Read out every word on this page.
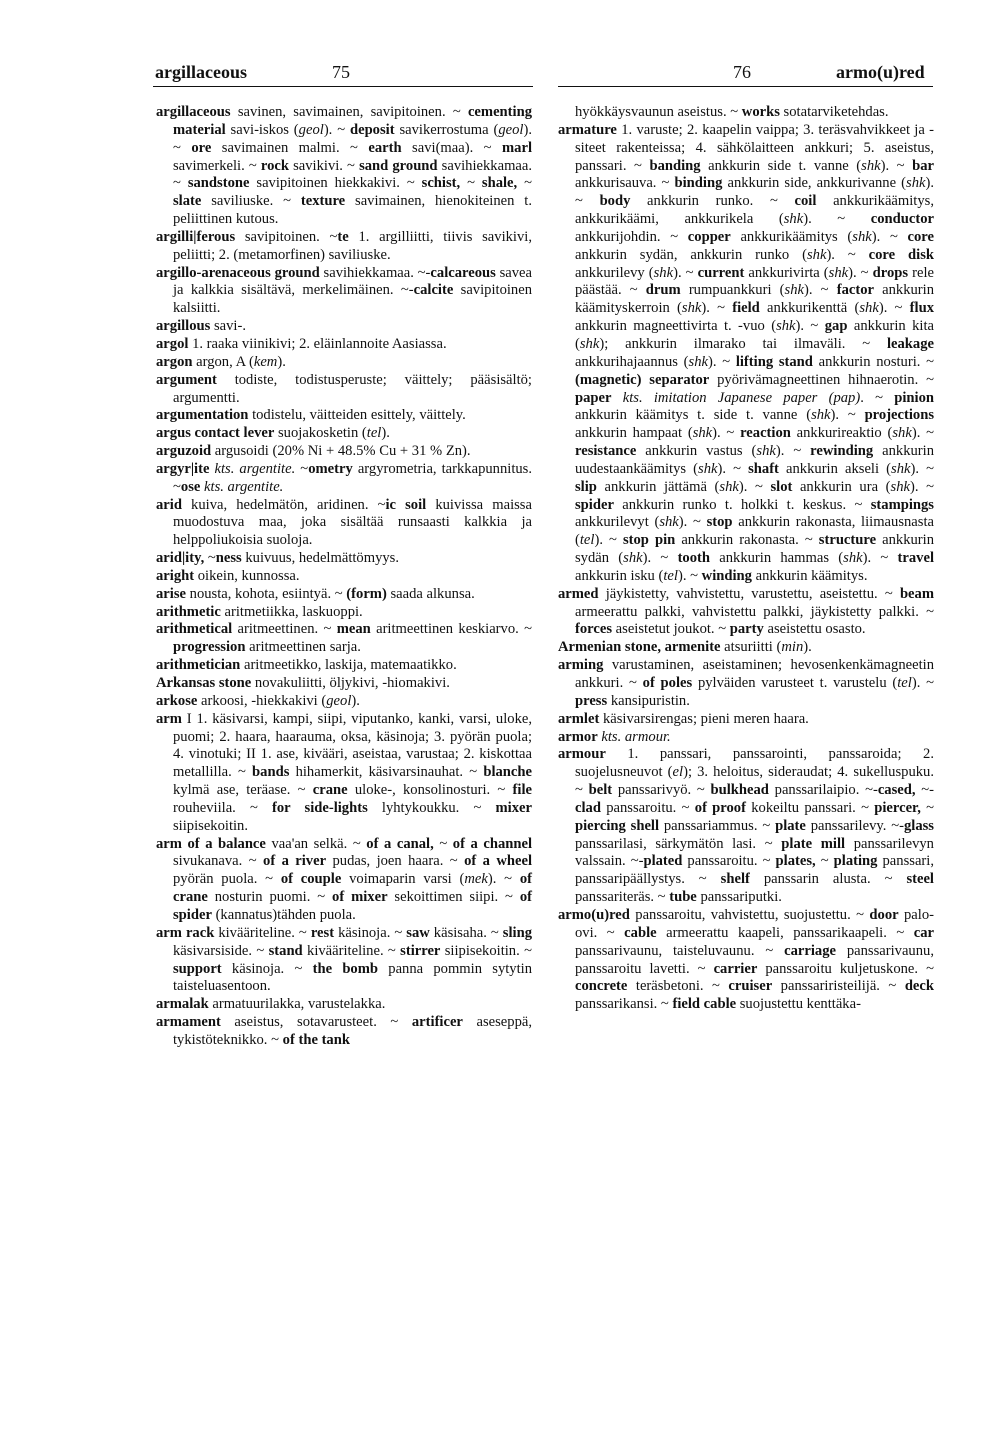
argillaceous	75	76	armo(u)red

argillaceous savinen, savimainen, savipitoinen. ~ cementing material savi-iskos (geol). ~ deposit savikerrostuma (geol). ~ ore savimainen malmi. ~ earth savi(maa). ~ marl savimerkeli. ~ rock savikivi. ~ sand ground savihiekkamaa. ~ sandstone savipitoinen hiekkakivi. ~ schist, ~ shale, ~ slate saviliuske. ~ texture savimainen, hienokiteinen t. peliittinen kutous.

argilli|ferous savipitoinen. ~te 1. argilliitti, tiivis savikivi, peliitti; 2. (metamorfinen) saviliuske.

argillo-arenaceous ground savihiekkamaa. ~-calcareous savea ja kalkkia sisältävä, merkelimäinen. ~-calcite savipitoinen kalsiitti.

argillous savi-.

argol 1. raaka viinikivi; 2. eläinlannoite Aasiassa.

argon argon, A (kem).

argument todiste, todistusperuste; väittely; pääsisältö; argumentti.

argumentation todistelu, väitteiden esittely, väittely.

argus contact lever suojakosketin (tel).

arguzoid argusoidi (20% Ni + 48.5% Cu + 31 % Zn).

argyr|ite kts. argentite. ~ometry argyrometria, tarkkapunnitus. ~ose kts. argentite.

arid kuiva, hedelmätön, aridinen. ~ic soil kuivissa maissa muodostuva maa, joka sisältää runsaasti kalkkia ja helppoliukoisia suoloja.

arid|ity, ~ness kuivuus, hedelmättömyys.

aright oikein, kunnossa.

arise nousta, kohota, esiintyä. ~ (form) saada alkunsa.

arithmetic aritmetiikka, laskuoppi.

arithmetical aritmeettinen. ~ mean aritmeettinen keskiarvo. ~ progression aritmeettinen sarja.

arithmetician aritmeetikko, laskija, matemaatikko.

Arkansas stone novakuliitti, öljykivi, -hiomakivi.

arkose arkoosi, -hiekkakivi (geol).

arm I 1. käsivarsi, kampi, siipi, viputanko, kanki, varsi, uloke, puomi; 2. haara, haarauma, oksa, käsinoja; 3. pyörän puola; 4. vinotuki; II 1. ase, kivääri, aseistaa, varustaa; 2. kiskottaa metallilla. ~ bands hihamerkit, käsivarsinauhat. ~ blanche kylmä ase, teräase. ~ crane uloke-, konsolinosturi. ~ file rouheviila. ~ for side-lights lyhtykoukku. ~ mixer siipisekoitin.

arm of a balance vaa'an selkä. ~ of a canal, ~ of a channel sivukanava. ~ of a river pudas, joen haara. ~ of a wheel pyörän puola. ~ of couple voimaparin varsi (mek). ~ of crane nosturin puomi. ~ of mixer sekoittimen siipi. ~ of spider (kannatus)tähden puola.

arm rack kivääriteline. ~ rest käsinoja. ~ saw käsisaha. ~ sling käsivarsiside. ~ stand kivääriteline. ~ stirrer siipisekoitin. ~ support käsinoja. ~ the bomb panna pommin sytytin taisteluasentoon.

armalak armatuurilakka, varustelakka.

armament aseistus, sotavarusteet. ~ artificer aseseppä, tykistöteknikko. ~ of the tank

hyökkäysvaunun aseistus. ~ works sotatarviketehdas.

armature 1. varuste; 2. kaapelin vaippa; 3. teräsvahvikkeet ja -siteet rakenteissa; 4. sähkölaitteen ankkuri; 5. aseistus, panssari. ~ banding ankkurin side t. vanne (shk). ~ bar ankkurisauva. ~ binding ankkurin side, ankkurivanne (shk). ~ body ankkurin runko. ~ coil ankkurikäämitys, ankkurikäämi, ankkurikela (shk). ~ conductor ankkurijohdin. ~ copper ankkurikäämitys (shk). ~ core ankkurin sydän, ankkurin runko (shk). ~ core disk ankkurilevy (shk). ~ current ankkurivirta (shk). ~ drops rele päästää. ~ drum rumpuankkuri (shk). ~ factor ankkurin käämityskerroin (shk). ~ field ankkurikenttä (shk). ~ flux ankkurin magneettivirta t. -vuo (shk). ~ gap ankkurin kita (shk); ankkurin ilmarako tai ilmaväli. ~ leakage ankkurihajaannus (shk). ~ lifting stand ankkurin nosturi. ~ (magnetic) separator pyörivämagneettinen hihnaerotin. ~ paper kts. imitation Japanese paper (pap). ~ pinion ankkurin käämitys t. side t. vanne (shk). ~ projections ankkurin hampaat (shk). ~ reaction ankkurireaktio (shk). ~ resistance ankkurin vastus (shk). ~ rewinding ankkurin uudestaankäämitys (shk). ~ shaft ankkurin akseli (shk). ~ slip ankkurin jättämä (shk). ~ slot ankkurin ura (shk). ~ spider ankkurin runko t. holkki t. keskus. ~ stampings ankkurilevyt (shk). ~ stop ankkurin rakonasta, liimausnasta (tel). ~ stop pin ankkurin rakonasta. ~ structure ankkurin sydän (shk). ~ tooth ankkurin hammas (shk). ~ travel ankkurin isku (tel). ~ winding ankkurin käämitys.

armed jäykistetty, vahvistettu, varustettu, aseistettu. ~ beam armeerattu palkki, vahvistettu palkki, jäykistetty palkki. ~ forces aseistetut joukot. ~ party aseistettu osasto.

Armenian stone, armenite atsuriitti (min).

arming varustaminen, aseistaminen; hevosenkenkämagneetin ankkuri. ~ of poles pylväiden varusteet t. varustelu (tel). ~ press kansipuristin.

armlet käsivarsirengas; pieni meren haara.

armor kts. armour.

armour 1. panssari, panssarointi, panssaroida; 2. suojelusneuvot (el); 3. heloitus, sideraudat; 4. sukelluspuku. ~ belt panssarivyö. ~ bulkhead panssarilaipio. ~-cased, ~-clad panssaroitu. ~ of proof kokeiltu panssari. ~ piercer, ~ piercing shell panssariammus. ~ plate panssarilevy. ~-glass panssarilasi, särkymätön lasi. ~ plate mill panssarilevyn valssain. ~-plated panssaroitu. ~ plates, ~ plating panssari, panssaripäällystys. ~ shelf panssarin alusta. ~ steel panssariteräs. ~ tube panssariputki.

armo(u)red panssaroitu, vahvistettu, suojustettu. ~ door palo-ovi. ~ cable armeerattu kaapeli, panssarikaapeli. ~ car panssarivaunu, taisteluvaunu. ~ carriage panssarivaunu, panssaroitu lavetti. ~ carrier panssaroitu kuljetuskone. ~ concrete teräsbetoni. ~ cruiser panssariristeilijä. ~ deck panssarikansi. ~ field cable suojustettu kenttäka-
